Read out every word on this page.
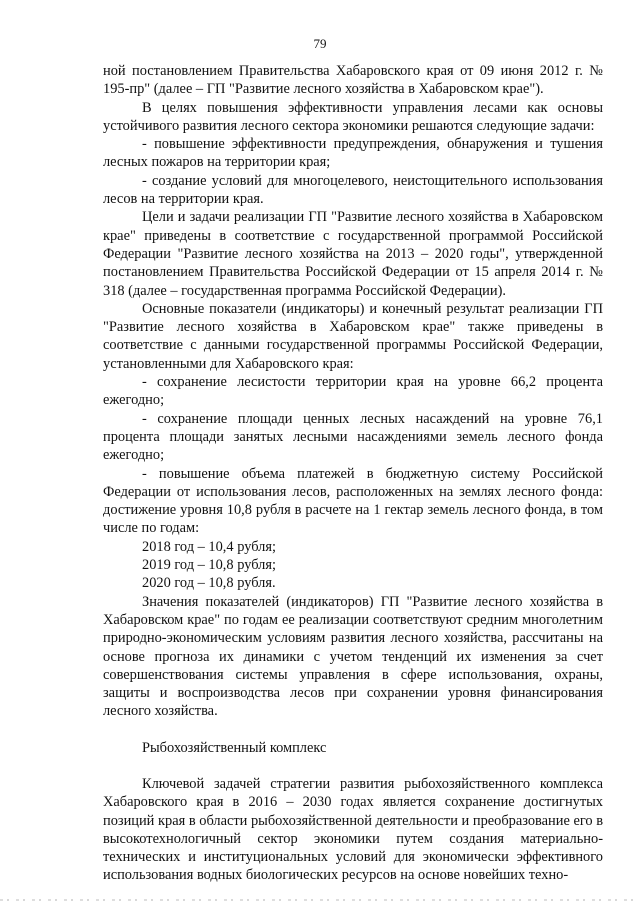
79

ной постановлением Правительства Хабаровского края от 09 июня 2012 г. № 195-пр" (далее – ГП "Развитие лесного хозяйства в Хабаровском крае").

В целях повышения эффективности управления лесами как основы устойчивого развития лесного сектора экономики решаются следующие задачи:

- повышение эффективности предупреждения, обнаружения и тушения лесных пожаров на территории края;

- создание условий для многоцелевого, неистощительного использования лесов на территории края.

Цели и задачи реализации ГП "Развитие лесного хозяйства в Хабаровском крае" приведены в соответствие с государственной программой Российской Федерации "Развитие лесного хозяйства на 2013 – 2020 годы", утвержденной постановлением Правительства Российской Федерации от 15 апреля 2014 г. № 318 (далее – государственная программа Российской Федерации).

Основные показатели (индикаторы) и конечный результат реализации ГП "Развитие лесного хозяйства в Хабаровском крае" также приведены в соответствие с данными государственной программы Российской Федерации, установленными для Хабаровского края:

- сохранение лесистости территории края на уровне 66,2 процента ежегодно;

- сохранение площади ценных лесных насаждений на уровне 76,1 процента площади занятых лесными насаждениями земель лесного фонда ежегодно;

- повышение объема платежей в бюджетную систему Российской Федерации от использования лесов, расположенных на землях лесного фонда: достижение уровня 10,8 рубля в расчете на 1 гектар земель лесного фонда, в том числе по годам:

2018 год – 10,4 рубля;

2019 год – 10,8 рубля;

2020 год – 10,8 рубля.

Значения показателей (индикаторов) ГП "Развитие лесного хозяйства в Хабаровском крае" по годам ее реализации соответствуют средним многолетним природно-экономическим условиям развития лесного хозяйства, рассчитаны на основе прогноза их динамики с учетом тенденций их изменения за счет совершенствования системы управления в сфере использования, охраны, защиты и воспроизводства лесов при сохранении уровня финансирования лесного хозяйства.

Рыбохозяйственный комплекс

Ключевой задачей стратегии развития рыбохозяйственного комплекса Хабаровского края в 2016 – 2030 годах является сохранение достигнутых позиций края в области рыбохозяйственной деятельности и преобразование его в высокотехнологичный сектор экономики путем создания материально-технических и институциональных условий для экономически эффективного использования водных биологических ресурсов на основе новейших техно-
